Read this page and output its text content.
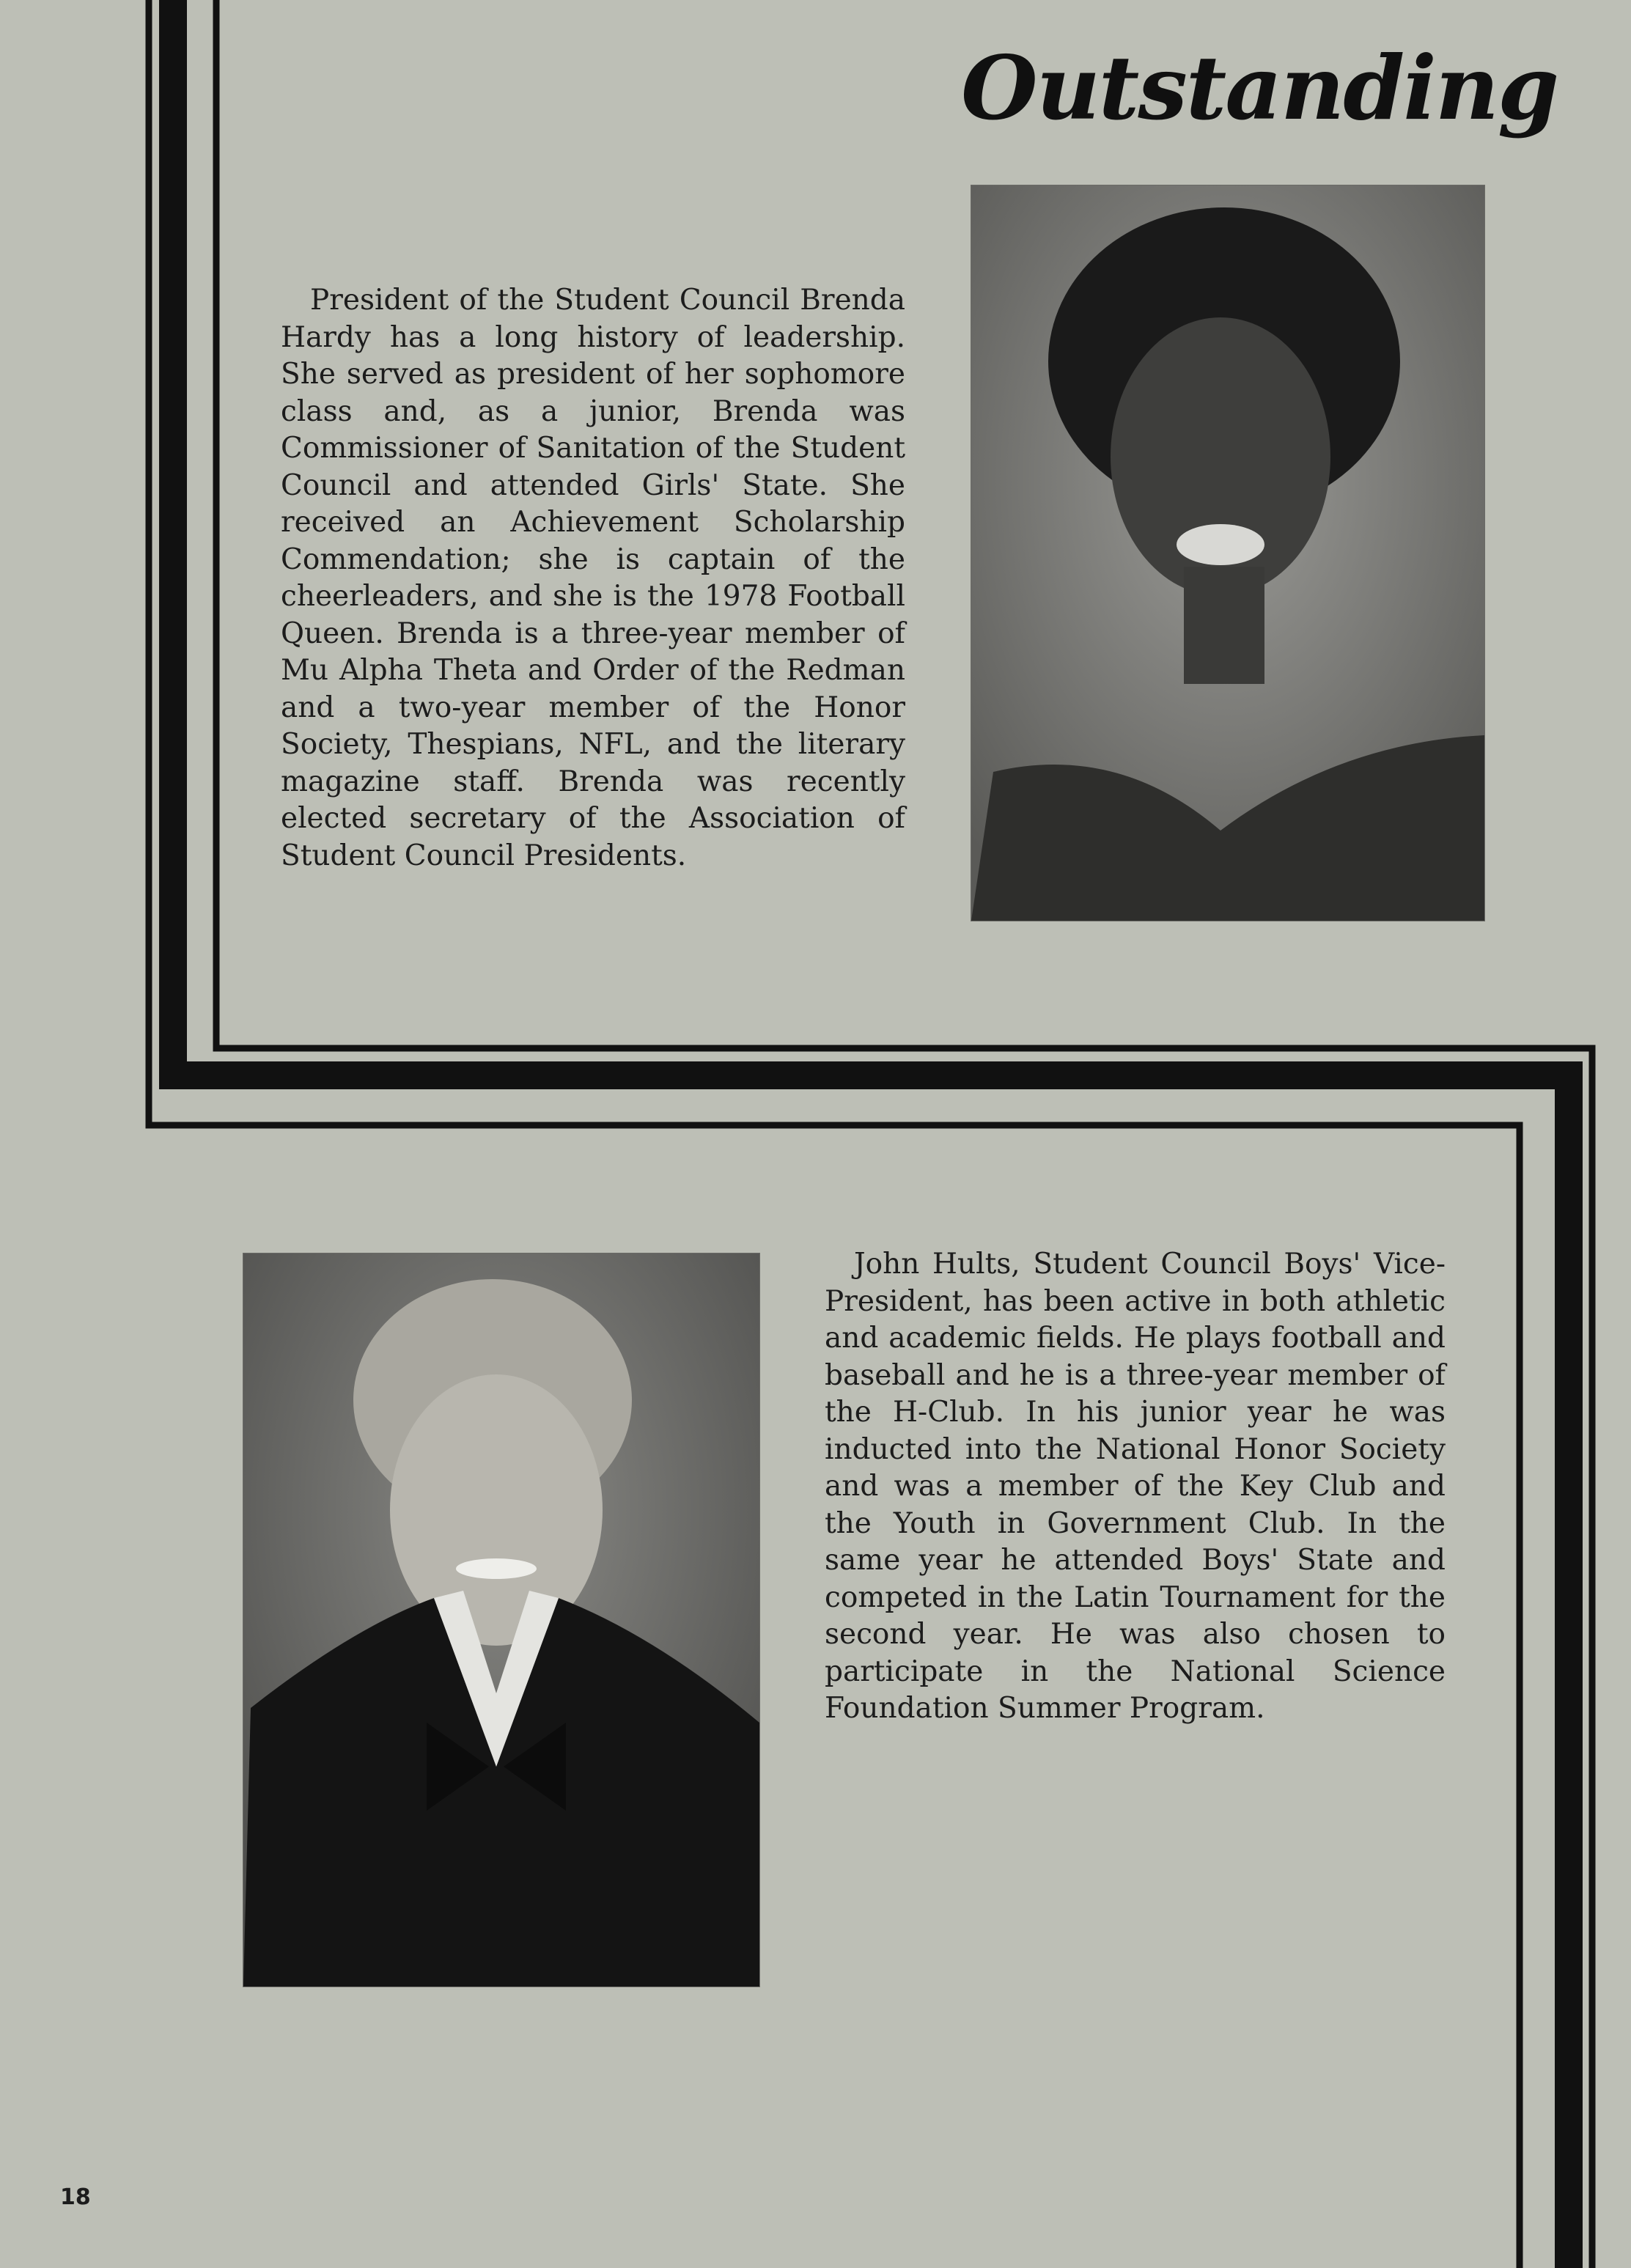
Outstanding

President of the Student Council Brenda Hardy has a long history of leadership. She served as president of her sophomore class and, as a junior, Brenda was Commissioner of Sanitation of the Student Council and attended Girls' State. She received an Achievement Scholarship Commendation; she is captain of the cheerleaders, and she is the 1978 Football Queen. Brenda is a three-year member of Mu Alpha Theta and Order of the Redman and a two-year member of the Honor Society, Thespians, NFL, and the literary magazine staff. Brenda was recently elected secretary of the Association of Student Council Presidents.

John Hults, Student Council Boys' Vice-President, has been active in both athletic and academic fields. He plays football and baseball and he is a three-year member of the H-Club. In his junior year he was inducted into the National Honor Society and was a member of the Key Club and the Youth in Government Club. In the same year he attended Boys' State and competed in the Latin Tournament for the second year. He was also chosen to participate in the National Science Foundation Summer Program.

18
